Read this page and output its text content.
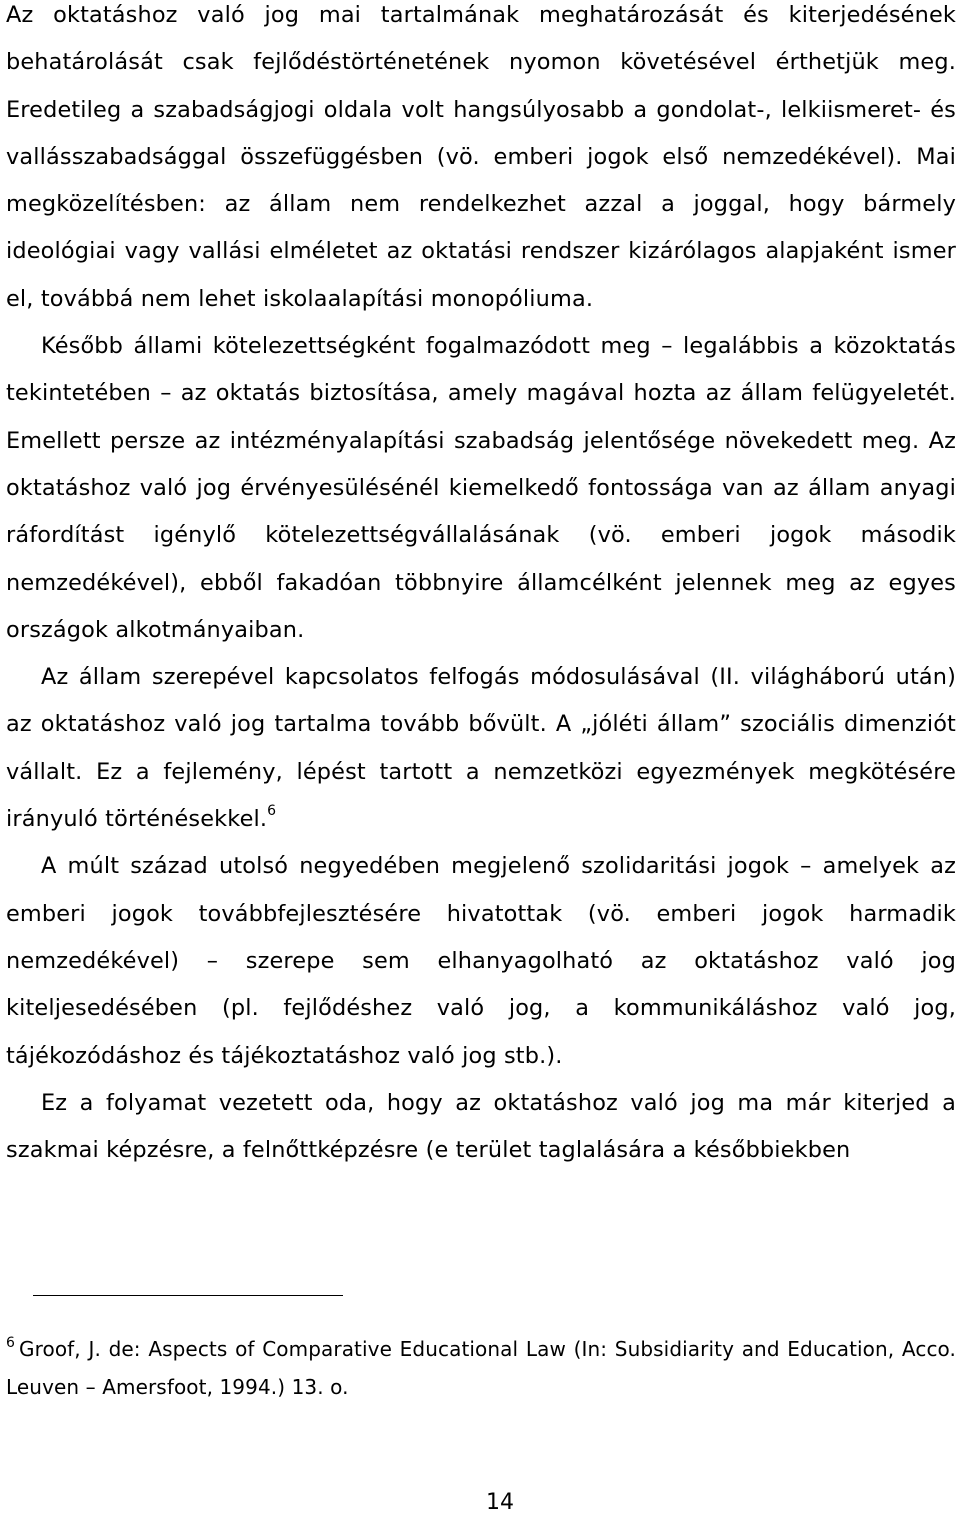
Az oktatáshoz való jog mai tartalmának meghatározását és kiterjedésének behatárolását csak fejlődéstörténetének nyomon követésével érthetjük meg. Eredetileg a szabadságjogi oldala volt hangsúlyosabb a gondolat-, lelkiismeret- és vallásszabadsággal összefüggésben (vö. emberi jogok első nemzedékével). Mai megközelítésben: az állam nem rendelkezhet azzal a joggal, hogy bármely ideológiai vagy vallási elméletet az oktatási rendszer kizárólagos alapjaként ismer el, továbbá nem lehet iskolaalapítási monopóliuma.

Később állami kötelezettségként fogalmazódott meg – legalábbis a közoktatás tekintetében – az oktatás biztosítása, amely magával hozta az állam felügyeletét. Emellett persze az intézményalapítási szabadság jelentősége növekedett meg. Az oktatáshoz való jog érvényesülésénél kiemelkedő fontossága van az állam anyagi ráfordítást igénylő kötelezettségvállalásának (vö. emberi jogok második nemzedékével), ebből fakadóan többnyire államcélként jelennek meg az egyes országok alkotmányaiban.

Az állam szerepével kapcsolatos felfogás módosulásával (II. világháború után) az oktatáshoz való jog tartalma tovább bővült. A „jóléti állam” szociális dimenziót vállalt. Ez a fejlemény, lépést tartott a nemzetközi egyezmények megkötésére irányuló történésekkel.$^6$

A múlt század utolsó negyedében megjelenő szolidaritási jogok – amelyek az emberi jogok továbbfejlesztésére hivatottak (vö. emberi jogok harmadik nemzedékével) – szerepe sem elhanyagolható az oktatáshoz való jog kiteljesedésében (pl. fejlődéshez való jog, a kommunikáláshoz való jog, tájékozódáshoz és tájékoztatáshoz való jog stb.).

Ez a folyamat vezetett oda, hogy az oktatáshoz való jog ma már kiterjed a szakmai képzésre, a felnőttképzésre (e terület taglalására a későbbiekben

$^6$ Groof, J. de: Aspects of Comparative Educational Law (In: Subsidiarity and Education, Acco. Leuven – Amersfoot, 1994.) 13. o.

14
